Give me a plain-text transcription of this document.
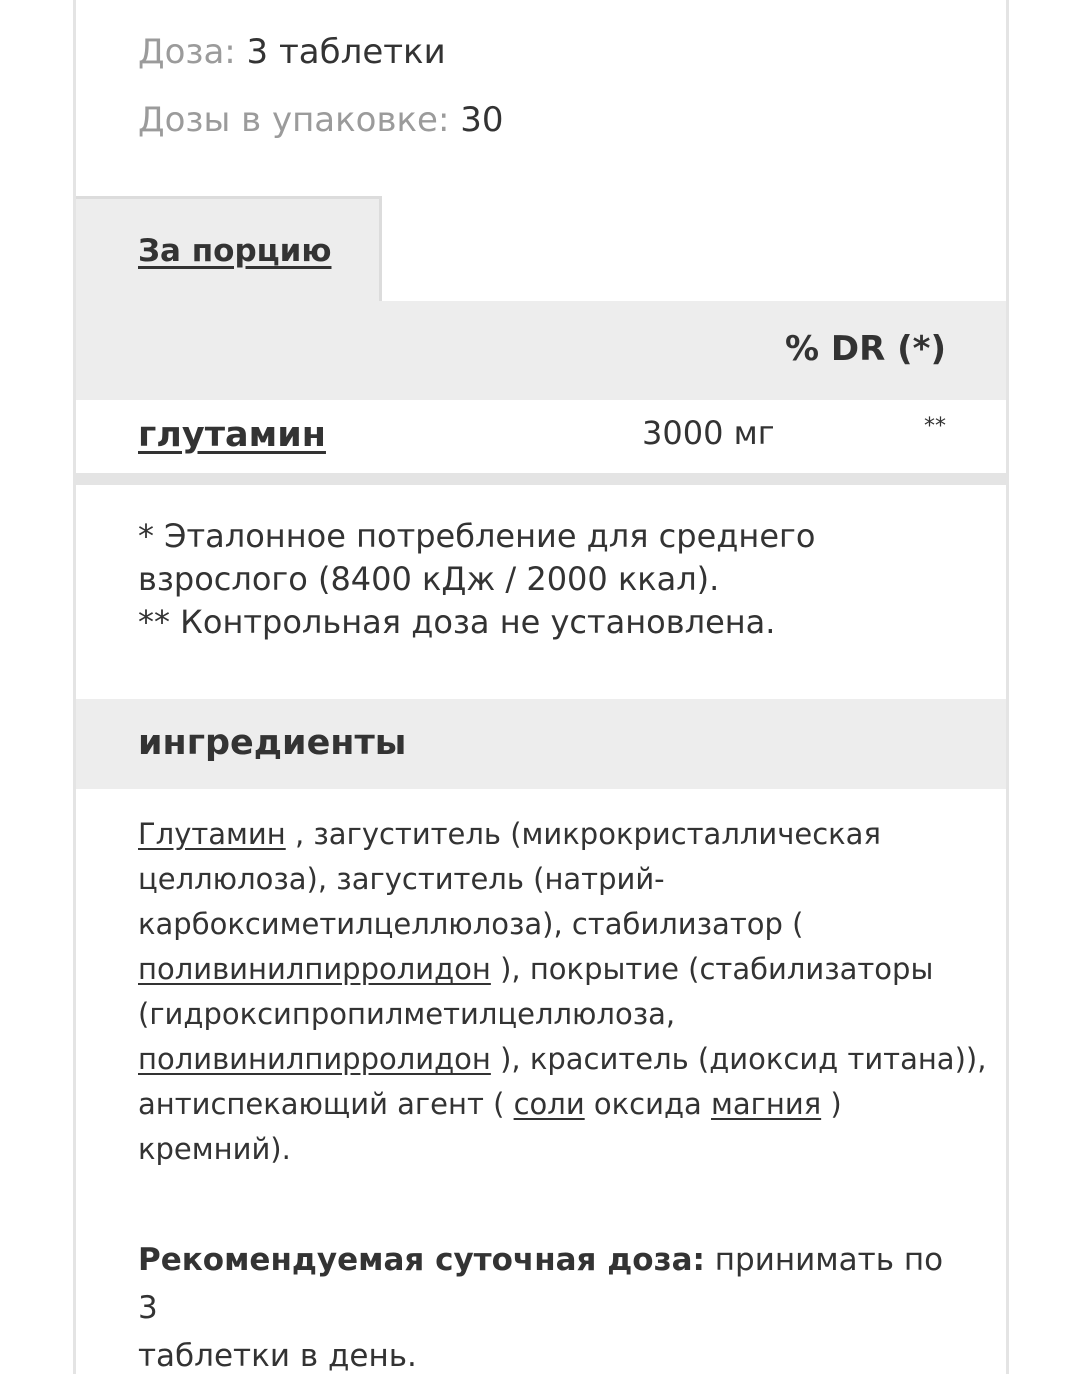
Доза: 3 таблетки
Дозы в упаковке: 30
За порцию
% DR (*)
глутамин	3000 мг	**
* Эталонное потребление для среднего
взрослого (8400 кДж / 2000 ккал).
** Контрольная доза не установлена.
ингредиенты
Глутамин , загуститель (микрокристаллическая
целлюлоза), загуститель (натрий-
карбоксиметилцеллюлоза), стабилизатор (
поливинилпирролидон ), покрытие (стабилизаторы
(гидроксипропилметилцеллюлоза,
поливинилпирролидон ), краситель (диоксид титана)),
антиспекающий агент ( соли оксида магния )
кремний).
Рекомендуемая суточная доза: принимать по 3
таблетки в день.
